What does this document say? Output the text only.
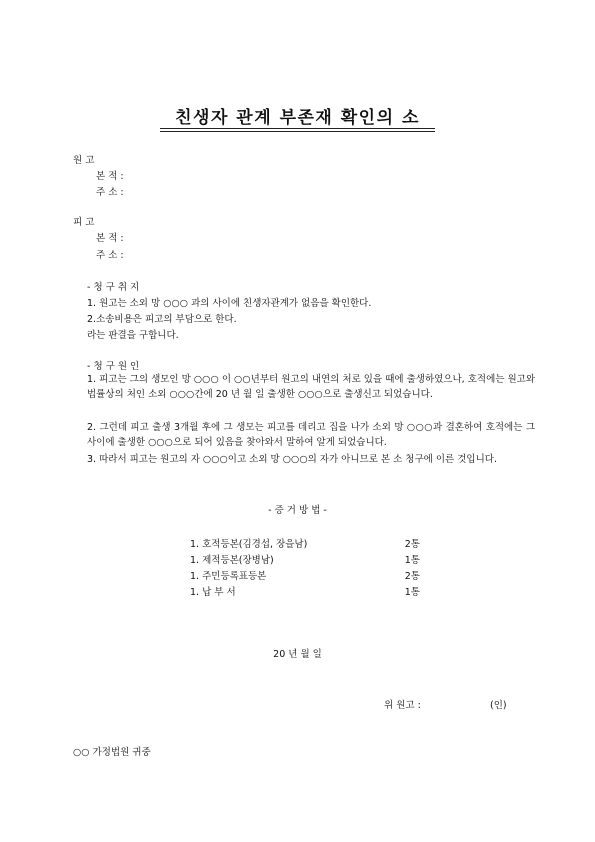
친생자 관계 부존재 확인의 소
원 고
본 적 :
주 소 :
피 고
본 적 :
주 소 :
- 청 구 취 지
1. 원고는 소외 망 ○○○ 과의 사이에 친생자관계가 없음을 확인한다.
2.소송비용은 피고의 부담으로 한다.
라는 판결을 구합니다.
- 청 구 원 인
1. 피고는 그의 생모인 망 ○○○ 이 ○○년부터 원고의 내연의 처로 있을 때에 출생하였으나, 호적에는 원고와 법률상의 처인 소외 ○○○간에 20 년 월 일 출생한 ○○○으로 출생신고 되었습니다.
2. 그런데 피고 출생 3개월 후에 그 생모는 피고를 데리고 집을 나가 소외 망 ○○○과 결혼하여 호적에는 그 사이에 출생한 ○○○으로 되어 있음을 찾아와서 말하여 알게 되었습니다.
3. 따라서 피고는 원고의 자 ○○○이고 소외 망 ○○○의 자가 아니므로 본 소 청구에 이른 것입니다.
- 증 거 방 법 -
1. 호적등본(김경섭, 장을남)	2통
1. 제적등본(장병남)	1통
1. 주민등록표등본	2통
1. 납 부 서	1통
20 년 월 일
위 원고 :	(인)
○○ 가정법원 귀중
